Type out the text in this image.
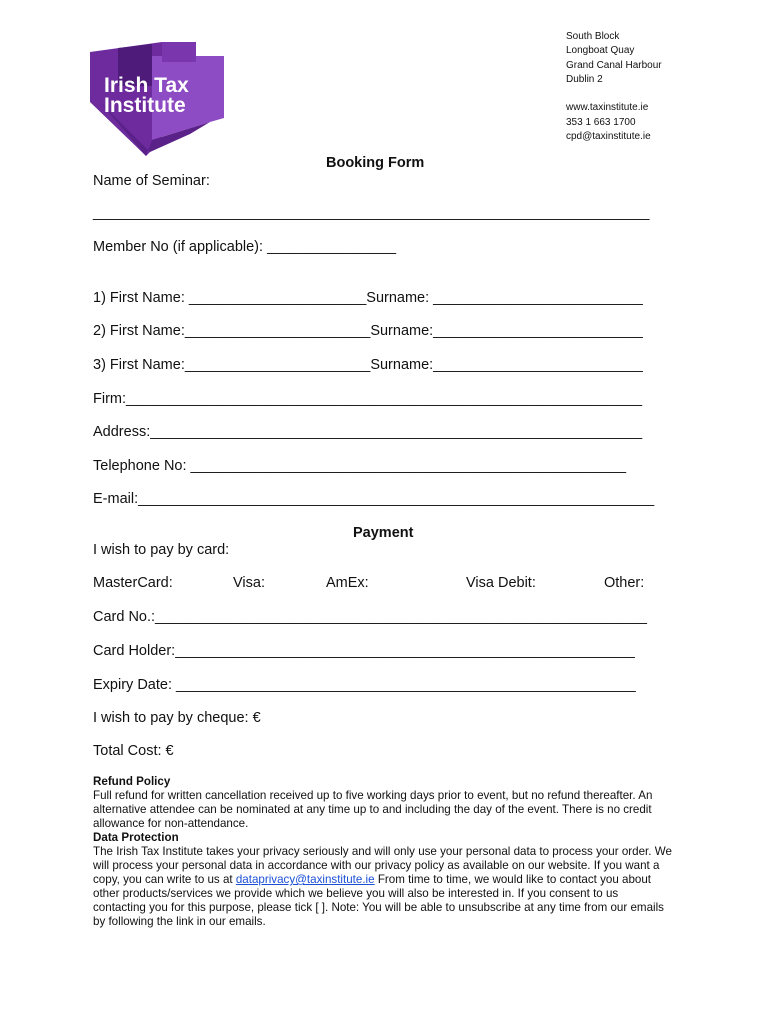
Irish Tax
Institute
South Block
Longboat Quay
Grand Canal Harbour
Dublin 2
www.taxinstitute.ie
353 1 663 1700
cpd@taxinstitute.ie
Booking Form
Name of Seminar:
_____________________________________________________________________
Member No (if applicable): ________________
1) First Name: ______________________Surname: __________________________
2) First Name:_______________________Surname:__________________________
3) First Name:_______________________Surname:__________________________
Firm:________________________________________________________________
Address:_____________________________________________________________
Telephone No: ______________________________________________________
E-mail:________________________________________________________________
Payment
I wish to pay by card:
MasterCard:	Visa:	AmEx:	Visa Debit:	Other:
Card No.:_____________________________________________________________
Card Holder:_________________________________________________________
Expiry Date: _________________________________________________________
I wish to pay by cheque: €
Total Cost: €
Refund Policy
Full refund for written cancellation received up to five working days prior to event, but no refund thereafter. An alternative attendee can be nominated at any time up to and including the day of the event. There is no credit allowance for non-attendance.
Data Protection
The Irish Tax Institute takes your privacy seriously and will only use your personal data to process your order. We will process your personal data in accordance with our privacy policy as available on our website. If you want a copy, you can write to us at dataprivacy@taxinstitute.ie From time to time, we would like to contact you about other products/services we provide which we believe you will also be interested in. If you consent to us contacting you for this purpose, please tick [ ]. Note: You will be able to unsubscribe at any time from our emails by following the link in our emails.
